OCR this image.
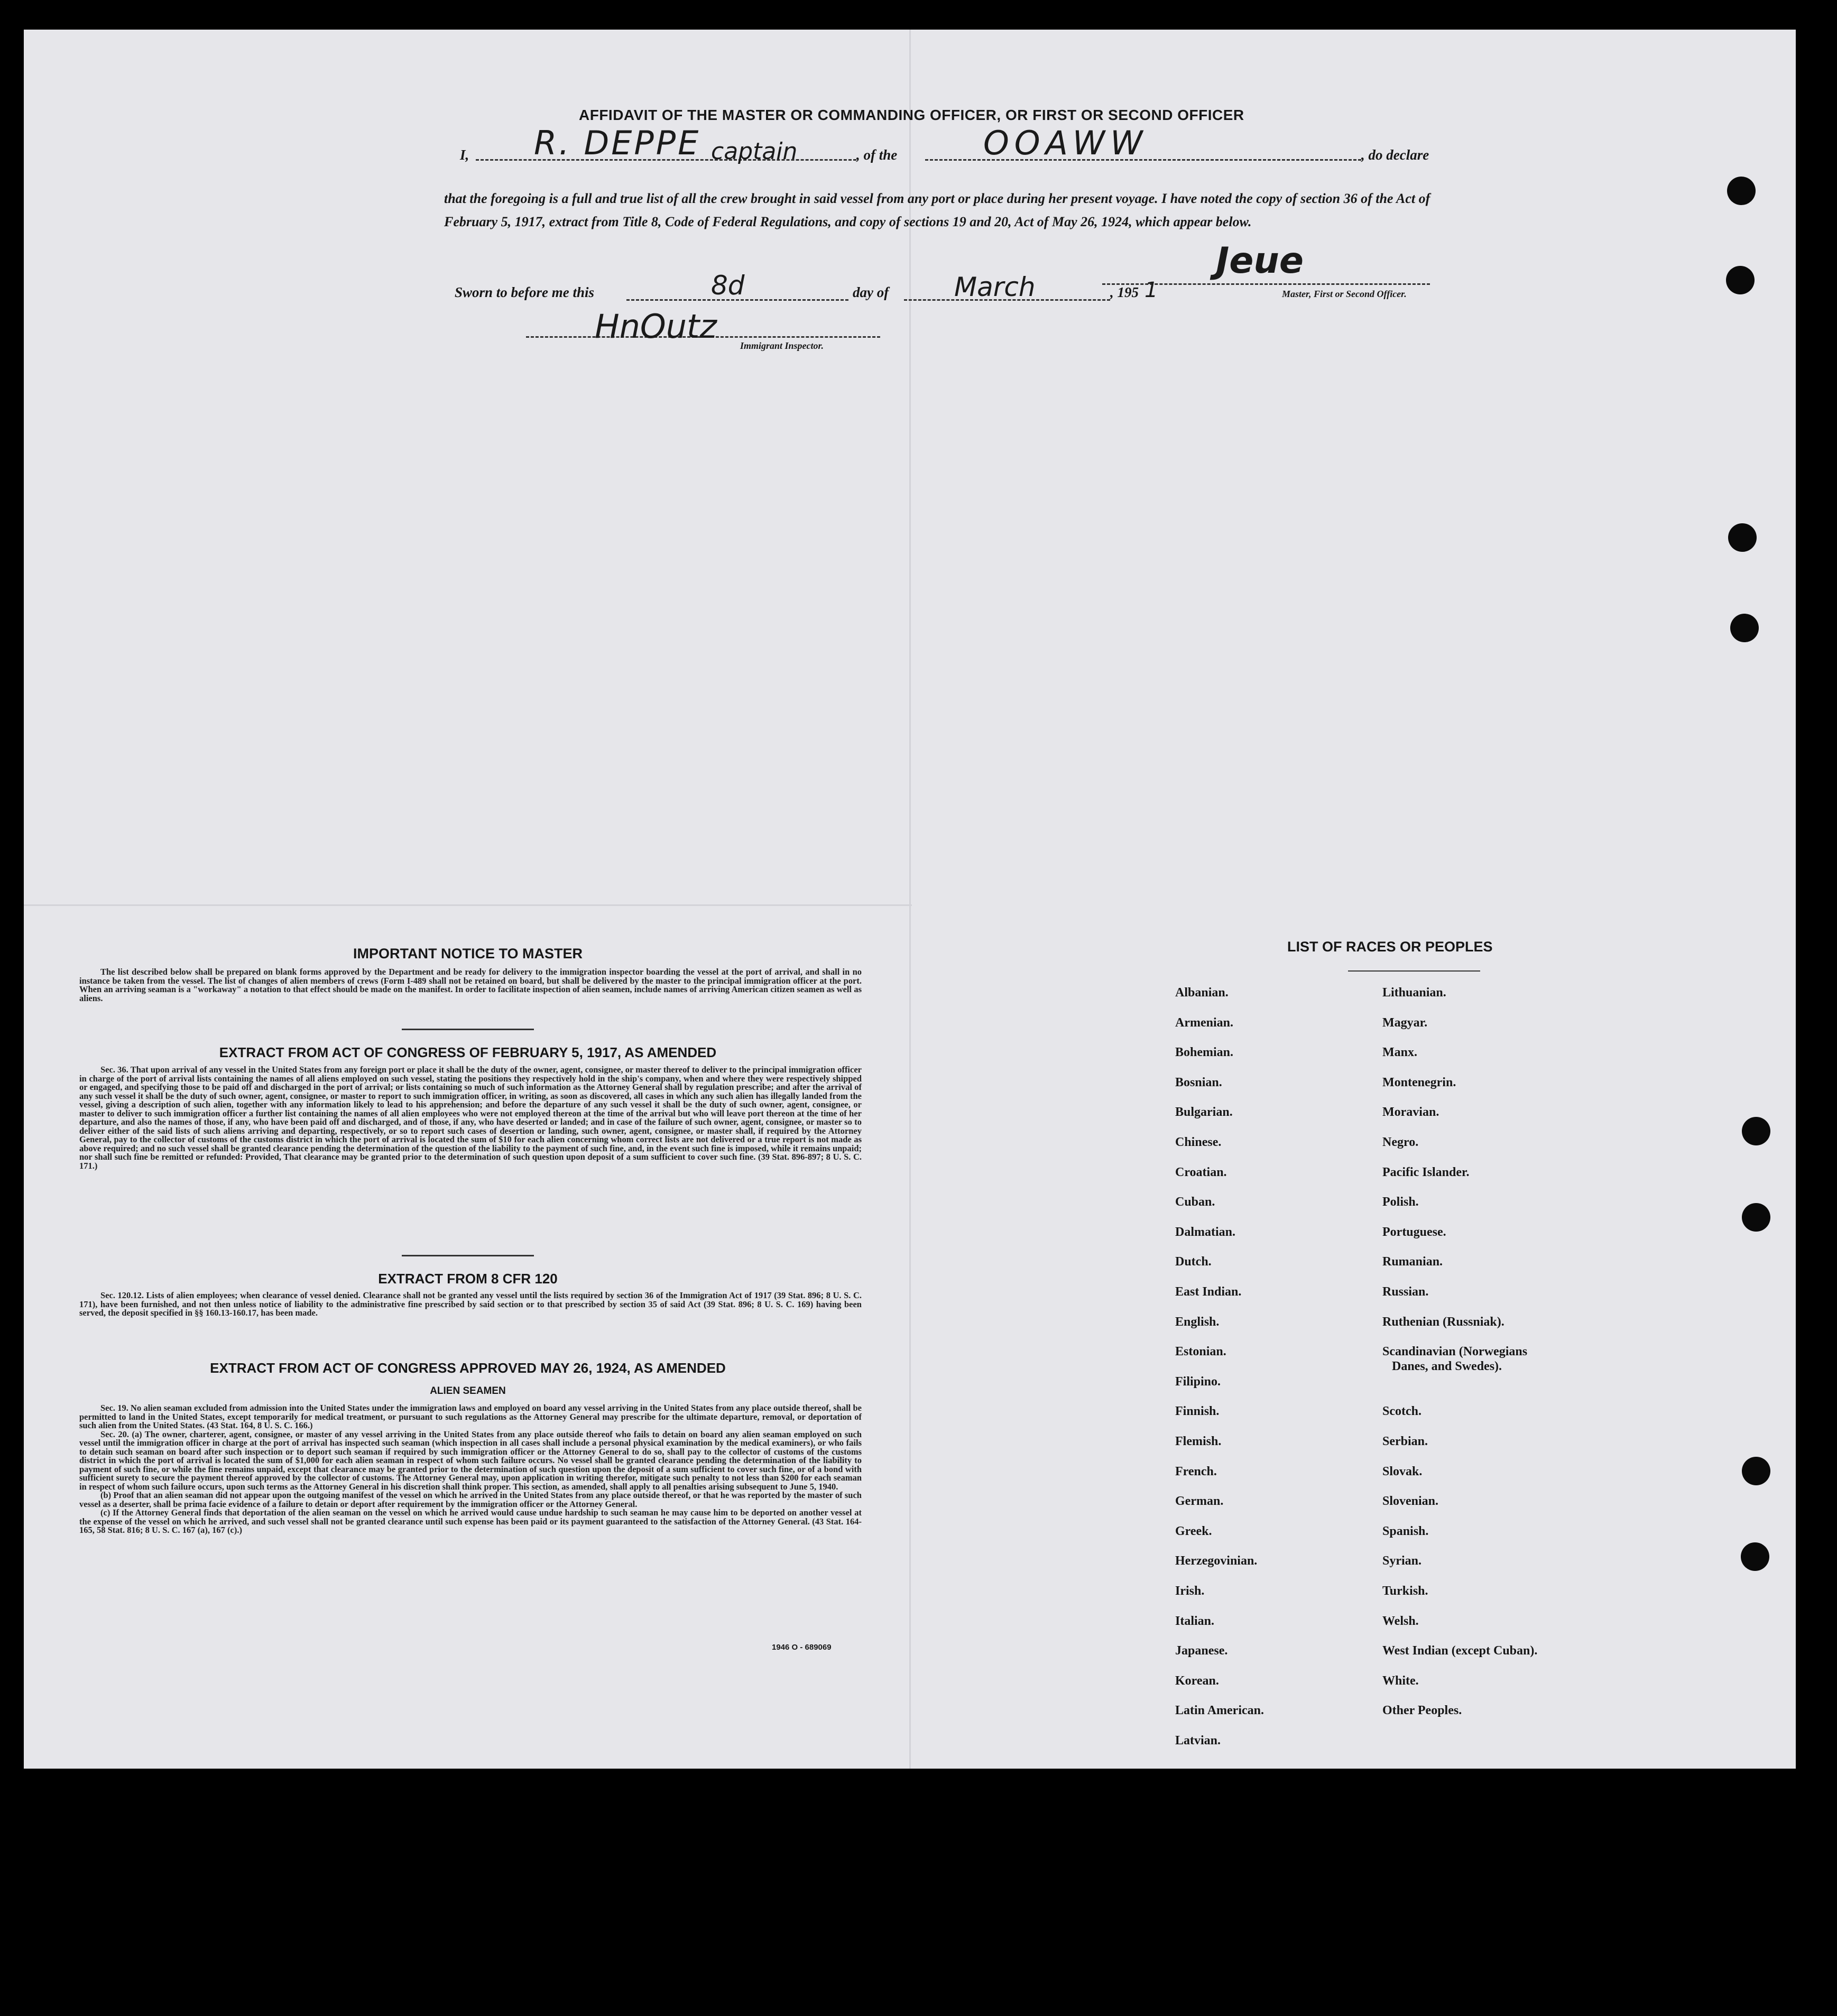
AFFIDAVIT OF THE MASTER OR COMMANDING OFFICER, OR FIRST OR SECOND OFFICER
I, R. DEPPE captain	, of the	OOAWW	, do declare
that the foregoing is a full and true list of all the crew brought in said vessel from any port or place during her present voyage. I have noted the copy of section 36 of the Act of February 5, 1917, extract from Title 8, Code of Federal Regulations, and copy of sections 19 and 20, Act of May 26, 1924, which appear below.
Jeue
Master, First or Second Officer.
Sworn to before me this	8d	day of March	, 195 1
HnOutz Immigrant Inspector.
IMPORTANT NOTICE TO MASTER

The list described below shall be prepared on blank forms approved by the Department and be ready for delivery to the immigration inspector boarding the vessel at the port of arrival, and shall in no instance be taken from the vessel. The list of changes of alien members of crews (Form I-489 shall not be retained on board, but shall be delivered by the master to the principal immigration officer at the port. When an arriving seaman is a "workaway" a notation to that effect should be made on the manifest. In order to facilitate inspection of alien seamen, include names of arriving American citizen seamen as well as aliens.

EXTRACT FROM ACT OF CONGRESS OF FEBRUARY 5, 1917, AS AMENDED

Sec. 36. That upon arrival of any vessel in the United States from any foreign port or place it shall be the duty of the owner, agent, consignee, or master thereof to deliver to the principal immigration officer in charge of the port of arrival lists containing the names of all aliens employed on such vessel, stating the positions they respectively hold in the ship's company, when and where they were respectively shipped or engaged, and specifying those to be paid off and discharged in the port of arrival; or lists containing so much of such information as the Attorney General shall by regulation prescribe; and after the arrival of any such vessel it shall be the duty of such owner, agent, consignee, or master to report to such immigration officer, in writing, as soon as discovered, all cases in which any such alien has illegally landed from the vessel, giving a description of such alien, together with any information likely to lead to his apprehension; and before the departure of any such vessel it shall be the duty of such owner, agent, consignee, or master to deliver to such immigration officer a further list containing the names of all alien employees who were not employed thereon at the time of the arrival but who will leave port thereon at the time of her departure, and also the names of those, if any, who have been paid off and discharged, and of those, if any, who have deserted or landed; and in case of the failure of such owner, agent, consignee, or master so to deliver either of the said lists of such aliens arriving and departing, respectively, or so to report such cases of desertion or landing, such owner, agent, consignee, or master shall, if required by the Attorney General, pay to the collector of customs of the customs district in which the port of arrival is located the sum of $10 for each alien concerning whom correct lists are not delivered or a true report is not made as above required; and no such vessel shall be granted clearance pending the determination of the question of the liability to the payment of such fine, and, in the event such fine is imposed, while it remains unpaid; nor shall such fine be remitted or refunded: Provided, That clearance may be granted prior to the determination of such question upon deposit of a sum sufficient to cover such fine. (39 Stat. 896-897; 8 U. S. C. 171.)

EXTRACT FROM 8 CFR 120

Sec. 120.12. Lists of alien employees; when clearance of vessel denied. Clearance shall not be granted any vessel until the lists required by section 36 of the Immigration Act of 1917 (39 Stat. 896; 8 U. S. C. 171), have been furnished, and not then unless notice of liability to the administrative fine prescribed by said section or to that prescribed by section 35 of said Act (39 Stat. 896; 8 U. S. C. 169) having been served, the deposit specified in §§ 160.13-160.17, has been made.

EXTRACT FROM ACT OF CONGRESS APPROVED MAY 26, 1924, AS AMENDED
ALIEN SEAMEN

Sec. 19. No alien seaman excluded from admission into the United States under the immigration laws and employed on board any vessel arriving in the United States from any place outside thereof, shall be permitted to land in the United States, except temporarily for medical treatment, or pursuant to such regulations as the Attorney General may prescribe for the ultimate departure, removal, or deportation of such alien from the United States. (43 Stat. 164, 8 U. S. C. 166.)

Sec. 20. (a) The owner, charterer, agent, consignee, or master of any vessel arriving in the United States from any place outside thereof who fails to detain on board any alien seaman employed on such vessel until the immigration officer in charge at the port of arrival has inspected such seaman (which inspection in all cases shall include a personal physical examination by the medical examiners), or who fails to detain such seaman on board after such inspection or to deport such seaman if required by such immigration officer or the Attorney General to do so, shall pay to the collector of customs of the customs district in which the port of arrival is located the sum of $1,000 for each alien seaman in respect of whom such failure occurs. No vessel shall be granted clearance pending the determination of the liability to payment of such fine, or while the fine remains unpaid, except that clearance may be granted prior to the determination of such question upon the deposit of a sum sufficient to cover such fine, or of a bond with sufficient surety to secure the payment thereof approved by the collector of customs. The Attorney General may, upon application in writing therefor, mitigate such penalty to not less than $200 for each seaman in respect of whom such failure occurs, upon such terms as the Attorney General in his discretion shall think proper. This section, as amended, shall apply to all penalties arising subsequent to June 5, 1940.

(b) Proof that an alien seaman did not appear upon the outgoing manifest of the vessel on which he arrived in the United States from any place outside thereof, or that he was reported by the master of such vessel as a deserter, shall be prima facie evidence of a failure to detain or deport after requirement by the immigration officer or the Attorney General.

(c) If the Attorney General finds that deportation of the alien seaman on the vessel on which he arrived would cause undue hardship to such seaman he may cause him to be deported on another vessel at the expense of the vessel on which he arrived, and such vessel shall not be granted clearance until such expense has been paid or its payment guaranteed to the satisfaction of the Attorney General. (43 Stat. 164-165, 58 Stat. 816; 8 U. S. C. 167 (a), 167 (c).)

1946 O - 689069
LIST OF RACES OR PEOPLES
Albanian.
Armenian.
Bohemian.
Bosnian.
Bulgarian.
Chinese.
Croatian.
Cuban.
Dalmatian.
Dutch.
East Indian.
English.
Estonian.
Filipino.
Finnish.
Flemish.
French.
German.
Greek.
Herzegovinian.
Irish.
Italian.
Japanese.
Korean.
Latin American.
Latvian.
Lithuanian.
Magyar.
Manx.
Montenegrin.
Moravian.
Negro.
Pacific Islander.
Polish.
Portuguese.
Rumanian.
Russian.
Ruthenian (Russniak).
Scandinavian (Norwegians
Danes, and Swedes).
Scotch.
Serbian.
Slovak.
Slovenian.
Spanish.
Syrian.
Turkish.
Welsh.
West Indian (except Cuban).
White.
Other Peoples.
